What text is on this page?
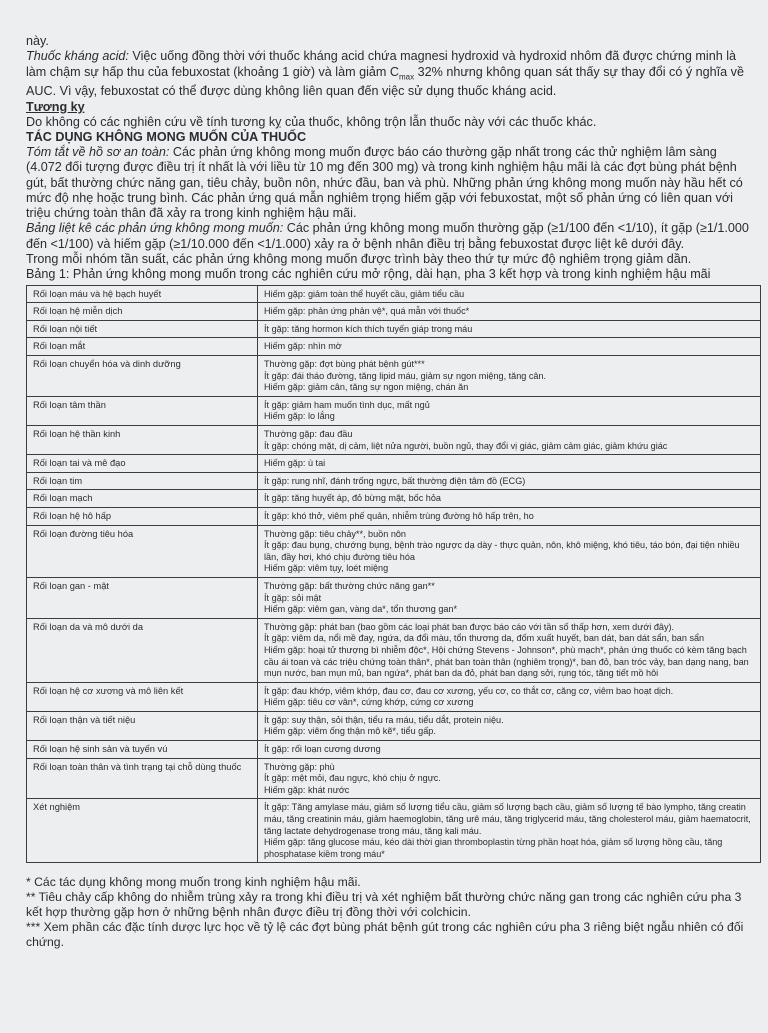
này.

Thuốc kháng acid: Việc uống đồng thời với thuốc kháng acid chứa magnesi hydroxid và hydroxid nhôm đã được chứng minh là làm chậm sự hấp thu của febuxostat (khoảng 1 giờ) và làm giảm $C_{max}$ 32% nhưng không quan sát thấy sự thay đổi có ý nghĩa về AUC. Vì vậy, febuxostat có thể được dùng không liên quan đến việc sử dụng thuốc kháng acid.

Tương kỵ

Do không có các nghiên cứu về tính tương kỵ của thuốc, không trộn lẫn thuốc này với các thuốc khác.

TÁC DỤNG KHÔNG MONG MUỐN CỦA THUỐC

Tóm tắt về hồ sơ an toàn: Các phản ứng không mong muốn được báo cáo thường gặp nhất trong các thử nghiệm lâm sàng (4.072 đối tượng được điều trị ít nhất là với liều từ 10 mg đến 300 mg) và trong kinh nghiệm hậu mãi là các đợt bùng phát bệnh gút, bất thường chức năng gan, tiêu chảy, buồn nôn, nhức đầu, ban và phù. Những phản ứng không mong muốn này hầu hết có mức độ nhẹ hoặc trung bình. Các phản ứng quá mẫn nghiêm trọng hiếm gặp với febuxostat, một số phản ứng có liên quan với triệu chứng toàn thân đã xảy ra trong kinh nghiệm hậu mãi.

Bảng liệt kê các phản ứng không mong muốn: Các phản ứng không mong muốn thường gặp (≥1/100 đến <1/10), ít gặp (≥1/1.000 đến <1/100) và hiếm gặp (≥1/10.000 đến <1/1.000) xảy ra ở bệnh nhân điều trị bằng febuxostat được liệt kê dưới đây.

Trong mỗi nhóm tần suất, các phản ứng không mong muốn được trình bày theo thứ tự mức độ nghiêm trọng giảm dần.

Bảng 1: Phản ứng không mong muốn trong các nghiên cứu mở rộng, dài hạn, pha 3 kết hợp và trong kinh nghiệm hậu mãi

Rối loạn máu và hệ bạch huyết	Hiếm gặp: giảm toàn thể huyết cầu, giảm tiểu cầu

Rối loạn hệ miễn dịch	Hiếm gặp: phản ứng phản vệ*, quá mẫn với thuốc*

Rối loạn nội tiết	Ít gặp: tăng hormon kích thích tuyến giáp trong máu

Rối loạn mắt	Hiếm gặp: nhìn mờ

Rối loạn chuyển hóa và dinh dưỡng	Thường gặp: đợt bùng phát bệnh gút***
Ít gặp: đái tháo đường, tăng lipid máu, giảm sự ngon miệng, tăng cân.
Hiếm gặp: giảm cân, tăng sự ngon miệng, chán ăn

Rối loạn tâm thần	Ít gặp: giảm ham muốn tình dục, mất ngủ
Hiếm gặp: lo lắng

Rối loạn hệ thần kinh	Thường gặp: đau đầu
Ít gặp: chóng mặt, dị cảm, liệt nửa người, buồn ngủ, thay đổi vị giác, giảm cảm giác, giảm khứu giác

Rối loạn tai và mê đạo	Hiếm gặp: ù tai

Rối loạn tim	Ít gặp: rung nhĩ, đánh trống ngực, bất thường điện tâm đồ (ECG)

Rối loạn mạch	Ít gặp: tăng huyết áp, đỏ bừng mặt, bốc hỏa

Rối loạn hệ hô hấp	Ít gặp: khó thở, viêm phế quản, nhiễm trùng đường hô hấp trên, ho

Rối loạn đường tiêu hóa	Thường gặp: tiêu chảy**, buồn nôn
Ít gặp: đau bụng, chướng bụng, bệnh trào ngược dạ dày - thực quản, nôn, khô miệng, khó tiêu, táo bón, đại tiện nhiều lần, đầy hơi, khó chịu đường tiêu hóa
Hiếm gặp: viêm tụy, loét miệng

Rối loạn gan - mật	Thường gặp: bất thường chức năng gan**
Ít gặp: sỏi mật
Hiếm gặp: viêm gan, vàng da*, tổn thương gan*

Rối loạn da và mô dưới da	Thường gặp: phát ban (bao gồm các loại phát ban được báo cáo với tần số thấp hơn, xem dưới đây).
Ít gặp: viêm da, nổi mề đay, ngứa, da đổi màu, tổn thương da, đốm xuất huyết, ban dát, ban dát sẩn, ban sẩn
Hiếm gặp: hoại tử thượng bì nhiễm độc*, Hội chứng Stevens - Johnson*, phù mạch*, phản ứng thuốc có kèm tăng bạch cầu ái toan và các triệu chứng toàn thân*, phát ban toàn thân (nghiêm trọng)*, ban đỏ, ban tróc vảy, ban dạng nang, ban mụn nước, ban mụn mủ, ban ngứa*, phát ban da đỏ, phát ban dạng sởi, rụng tóc, tăng tiết mồ hôi

Rối loạn hệ cơ xương và mô liên kết	Ít gặp: đau khớp, viêm khớp, đau cơ, đau cơ xương, yếu cơ, co thắt cơ, căng cơ, viêm bao hoạt dịch.
Hiếm gặp: tiêu cơ vân*, cứng khớp, cứng cơ xương

Rối loạn thận và tiết niệu	Ít gặp: suy thận, sỏi thận, tiểu ra máu, tiểu dắt, protein niệu.
Hiếm gặp: viêm ống thận mô kẽ*, tiểu gấp.

Rối loạn hệ sinh sản và tuyến vú	Ít gặp: rối loạn cương dương

Rối loạn toàn thân và tình trạng tại chỗ dùng thuốc	Thường gặp: phù
Ít gặp: mệt mỏi, đau ngực, khó chịu ở ngực.
Hiếm gặp: khát nước

Xét nghiệm	Ít gặp: Tăng amylase máu, giảm số lượng tiểu cầu, giảm số lượng bạch cầu, giảm số lượng tế bào lympho, tăng creatin máu, tăng creatinin máu, giảm haemoglobin, tăng urê máu, tăng triglycerid máu, tăng cholesterol máu, giảm haematocrit, tăng lactate dehydrogenase trong máu, tăng kali máu.
Hiếm gặp: tăng glucose máu, kéo dài thời gian thromboplastin từng phần hoạt hóa, giảm số lượng hồng cầu, tăng phosphatase kiềm trong máu*
* Các tác dụng không mong muốn trong kinh nghiệm hậu mãi.
** Tiêu chảy cấp không do nhiễm trùng xảy ra trong khi điều trị và xét nghiệm bất thường chức năng gan trong các nghiên cứu pha 3 kết hợp thường gặp hơn ở những bệnh nhân được điều trị đồng thời với colchicin.
*** Xem phần các đặc tính dược lực học về tỷ lệ các đợt bùng phát bệnh gút trong các nghiên cứu pha 3 riêng biệt ngẫu nhiên có đối chứng.
